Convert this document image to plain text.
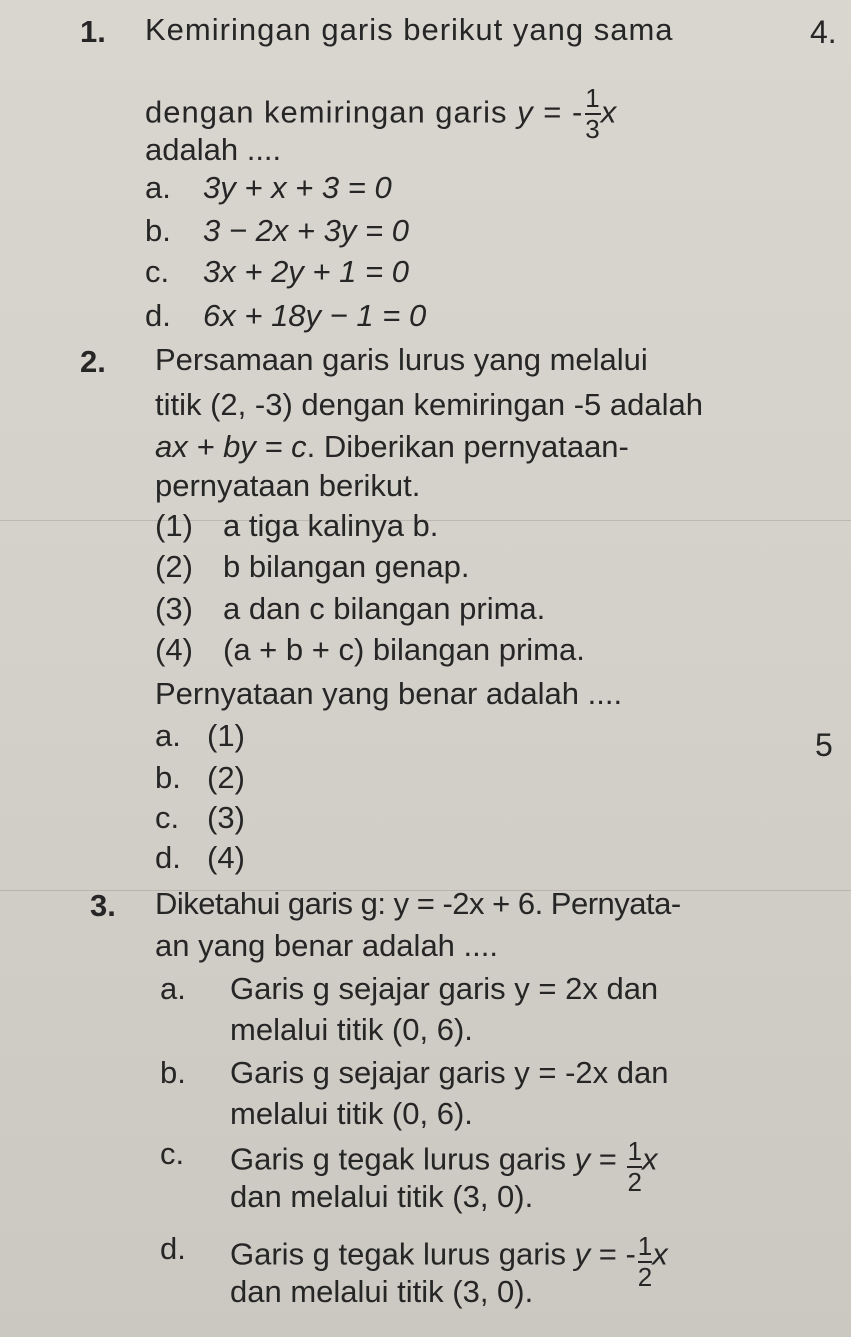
1. Kemiringan garis berikut yang sama
dengan kemiringan garis y = - $\frac{1}{3}$ x
adalah ....
a. 3y + x + 3 = 0
b. 3 − 2x + 3y = 0
c. 3x + 2y + 1 = 0
d. 6x + 18y − 1 = 0
2. Persamaan garis lurus yang melalui
titik (2, -3) dengan kemiringan -5 adalah
ax + by = c. Diberikan pernyataan-
pernyataan berikut.
(1) a tiga kalinya b.
(2) b bilangan genap.
(3) a dan c bilangan prima.
(4) (a + b + c) bilangan prima.
Pernyataan yang benar adalah ....
a. (1)
b. (2)
c. (3)
d. (4)
3. Diketahui garis g: y = -2x + 6. Pernyata-
an yang benar adalah ....
a. Garis g sejajar garis y = 2x dan
melalui titik (0, 6).
b. Garis g sejajar garis y = -2x dan
melalui titik (0, 6).
c. Garis g tegak lurus garis $y = \frac{1}{2}$ x
dan melalui titik (3, 0).
d. Garis g tegak lurus garis y = - $\frac{1}{2}$ x
dan melalui titik (3, 0).
4.
5
